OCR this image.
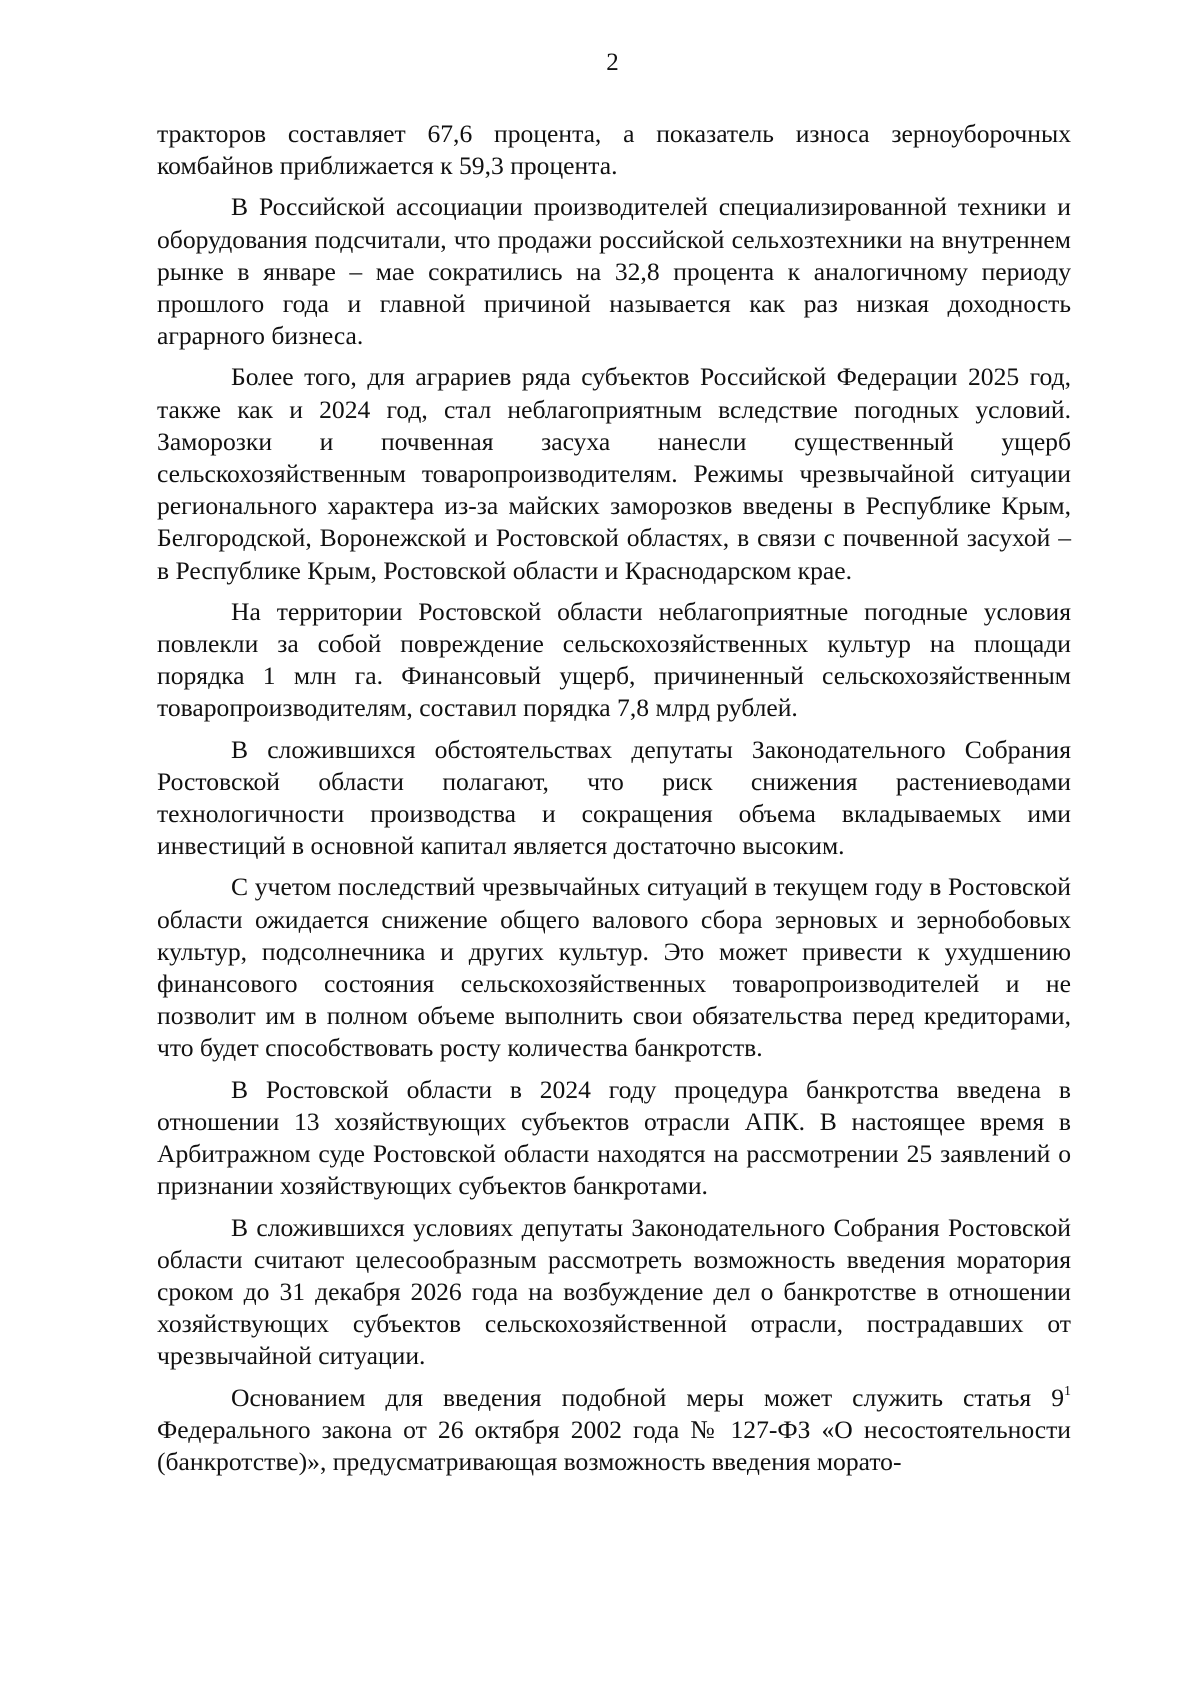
2

тракторов составляет 67,6 процента, а показатель износа зерноуборочных комбайнов приближается к 59,3 процента.

В Российской ассоциации производителей специализированной техники и оборудования подсчитали, что продажи российской сельхозтехники на внутреннем рынке в январе – мае сократились на 32,8 процента к аналогичному периоду прошлого года и главной причиной называется как раз низкая доходность аграрного бизнеса.

Более того, для аграриев ряда субъектов Российской Федерации 2025 год, также как и 2024 год, стал неблагоприятным вследствие погодных условий. Заморозки и почвенная засуха нанесли существенный ущерб сельскохозяйственным товаропроизводителям. Режимы чрезвычайной ситуации регионального характера из-за майских заморозков введены в Республике Крым, Белгородской, Воронежской и Ростовской областях, в связи с почвенной засухой – в Республике Крым, Ростовской области и Краснодарском крае.

На территории Ростовской области неблагоприятные погодные условия повлекли за собой повреждение сельскохозяйственных культур на площади порядка 1 млн га. Финансовый ущерб, причиненный сельскохозяйственным товаропроизводителям, составил порядка 7,8 млрд рублей.

В сложившихся обстоятельствах депутаты Законодательного Собрания Ростовской области полагают, что риск снижения растениеводами технологичности производства и сокращения объема вкладываемых ими инвестиций в основной капитал является достаточно высоким.

С учетом последствий чрезвычайных ситуаций в текущем году в Ростовской области ожидается снижение общего валового сбора зерновых и зернобобовых культур, подсолнечника и других культур. Это может привести к ухудшению финансового состояния сельскохозяйственных товаропроизводителей и не позволит им в полном объеме выполнить свои обязательства перед кредиторами, что будет способствовать росту количества банкротств.

В Ростовской области в 2024 году процедура банкротства введена в отношении 13 хозяйствующих субъектов отрасли АПК. В настоящее время в Арбитражном суде Ростовской области находятся на рассмотрении 25 заявлений о признании хозяйствующих субъектов банкротами.

В сложившихся условиях депутаты Законодательного Собрания Ростовской области считают целесообразным рассмотреть возможность введения моратория сроком до 31 декабря 2026 года на возбуждение дел о банкротстве в отношении хозяйствующих субъектов сельскохозяйственной отрасли, пострадавших от чрезвычайной ситуации.

Основанием для введения подобной меры может служить статья $9^1$ Федерального закона от 26 октября 2002 года № 127-ФЗ «О несостоятельности (банкротстве)», предусматривающая возможность введения морато-
